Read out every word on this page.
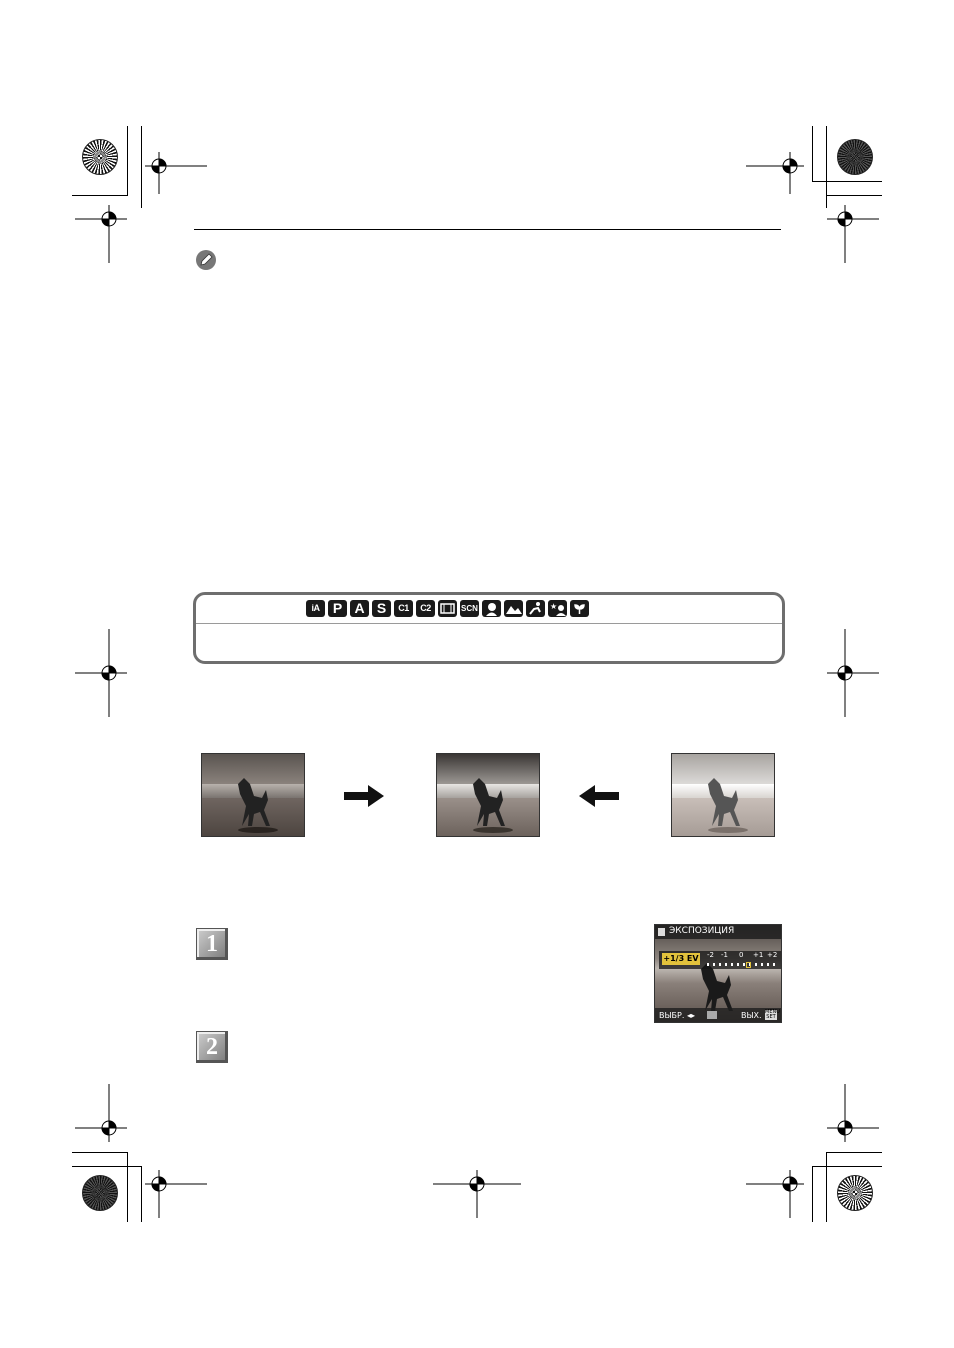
iA P A S	C1	C2	SCN	★
1
2
ЭКСПОЗИЦИЯ
+1/3 EV -2 -1 0 +1 +2
ВЫБР. ◂▸	ВЫХ. MENU SET
